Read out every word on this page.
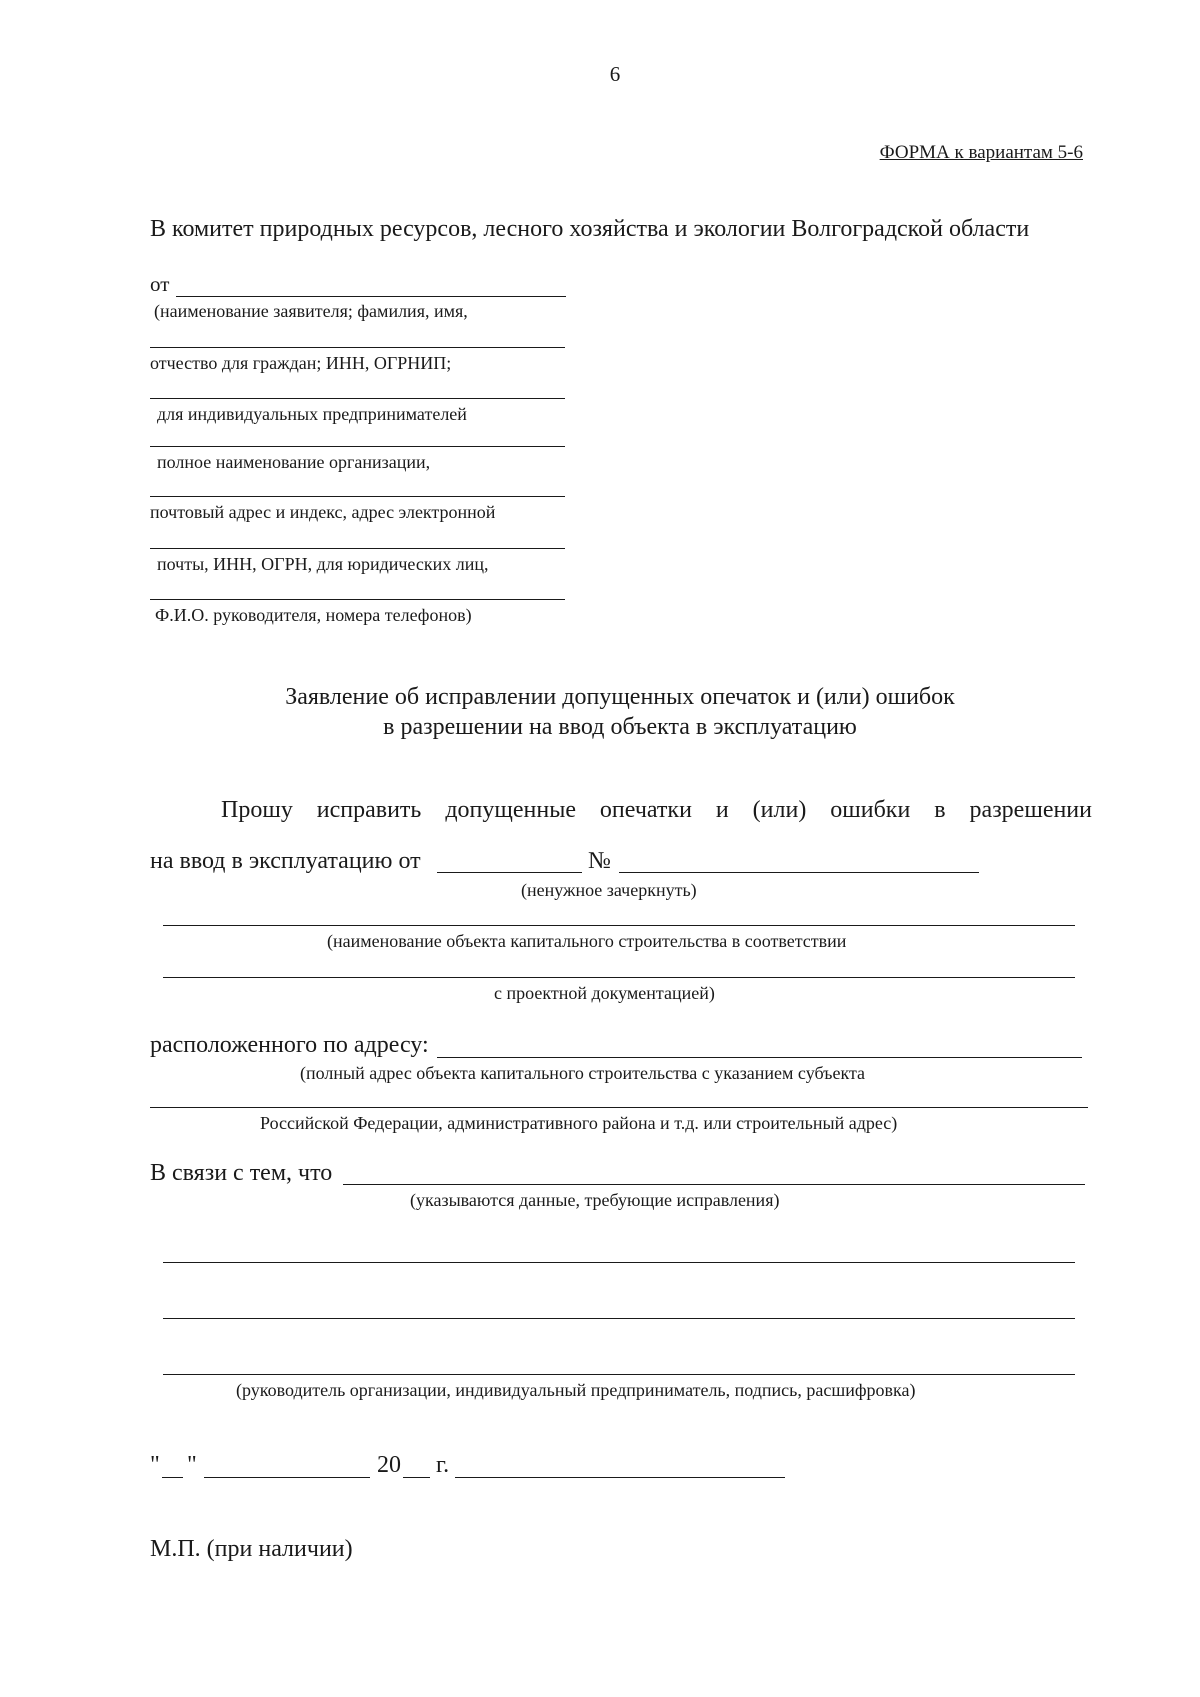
6
ФОРМА к вариантам 5-6
В комитет природных ресурсов, лесного хозяйства и экологии Волгоградской области
от
(наименование заявителя; фамилия, имя,
отчество для граждан; ИНН, ОГРНИП;
для индивидуальных предпринимателей
полное наименование организации,
почтовый адрес и индекс, адрес электронной
почты, ИНН, ОГРН, для юридических лиц,
Ф.И.О. руководителя, номера телефонов)
Заявление об исправлении допущенных опечаток и (или) ошибок
в разрешении на ввод объекта в эксплуатацию
Прошу исправить допущенные опечатки и (или) ошибки в разрешении
на ввод в эксплуатацию от	№
(ненужное зачеркнуть)
(наименование объекта капитального строительства в соответствии
с проектной документацией)
расположенного по адресу:
(полный адрес объекта капитального строительства с указанием субъекта
Российской Федерации, административного района и т.д. или строительный адрес)
В связи с тем, что
(указываются данные, требующие исправления)
(руководитель организации, индивидуальный предприниматель, подпись, расшифровка)
" "	20 г.
М.П. (при наличии)
